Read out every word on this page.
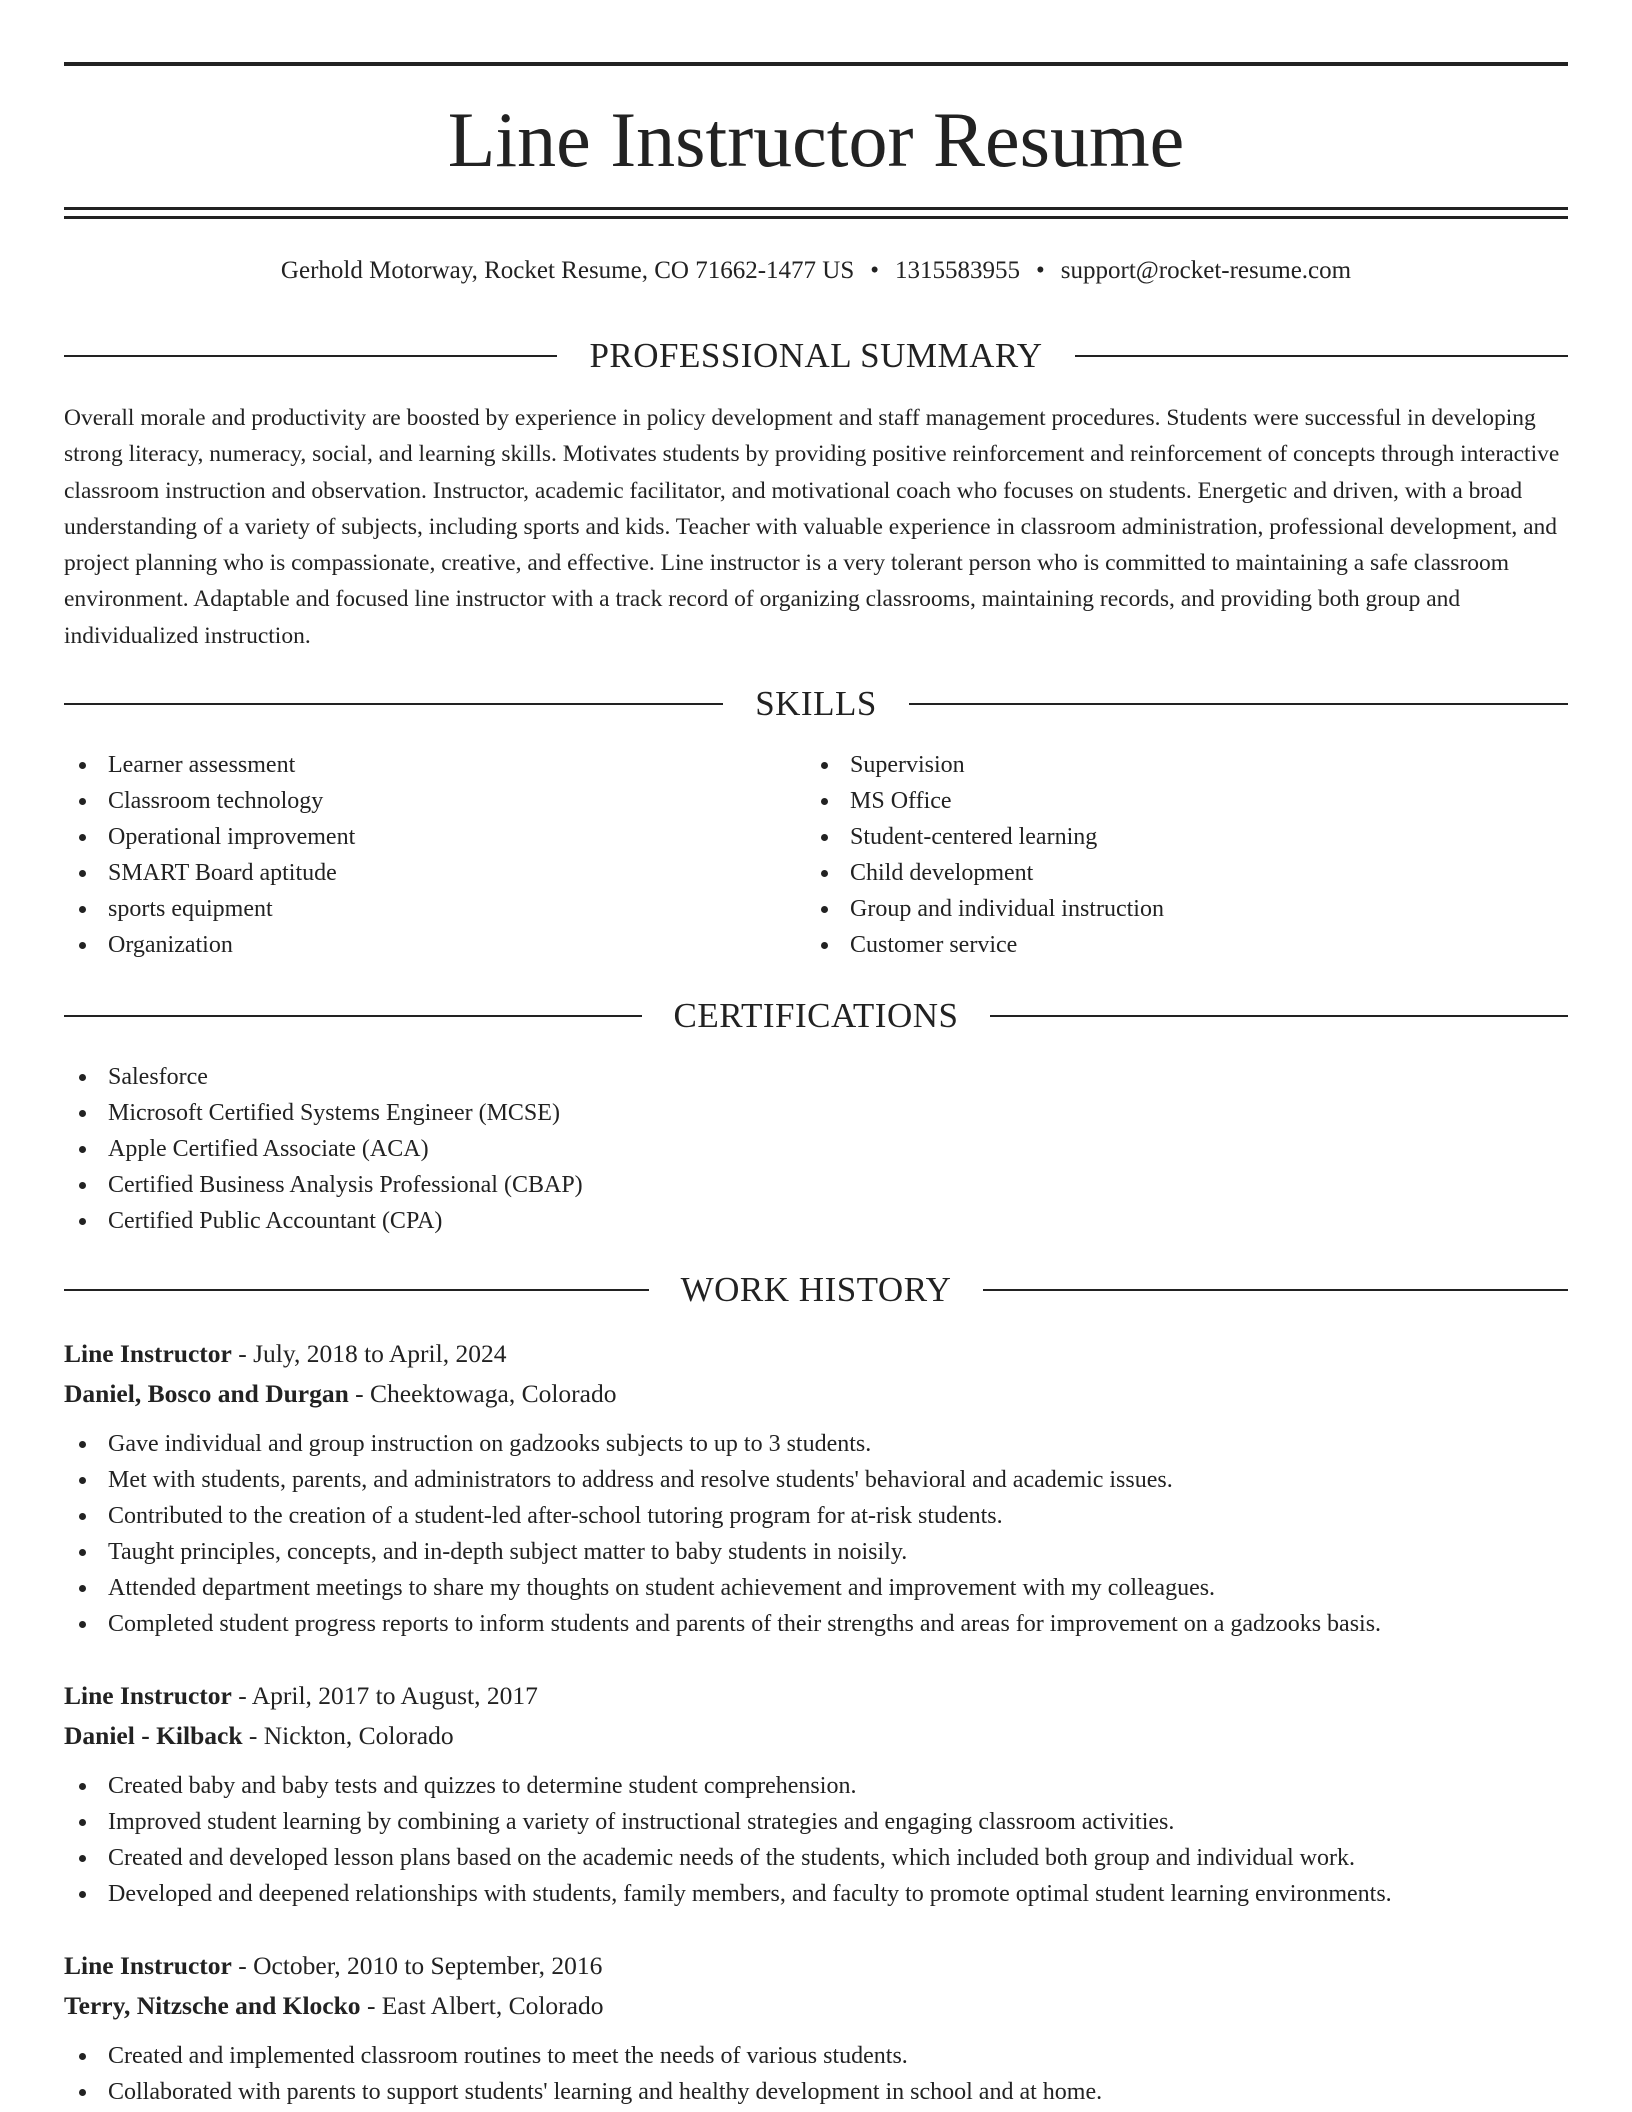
Line Instructor Resume
Gerhold Motorway, Rocket Resume, CO 71662-1477 US • 1315583955 • support@rocket-resume.com
PROFESSIONAL SUMMARY

Overall morale and productivity are boosted by experience in policy development and staff management procedures. Students were successful in developing strong literacy, numeracy, social, and learning skills. Motivates students by providing positive reinforcement and reinforcement of concepts through interactive classroom instruction and observation. Instructor, academic facilitator, and motivational coach who focuses on students. Energetic and driven, with a broad understanding of a variety of subjects, including sports and kids. Teacher with valuable experience in classroom administration, professional development, and project planning who is compassionate, creative, and effective. Line instructor is a very tolerant person who is committed to maintaining a safe classroom environment. Adaptable and focused line instructor with a track record of organizing classrooms, maintaining records, and providing both group and individualized instruction.

SKILLS
Learner assessment
Classroom technology
Operational improvement
SMART Board aptitude
sports equipment
Organization
Supervision
MS Office
Student-centered learning
Child development
Group and individual instruction
Customer service
CERTIFICATIONS
Salesforce
Microsoft Certified Systems Engineer (MCSE)
Apple Certified Associate (ACA)
Certified Business Analysis Professional (CBAP)
Certified Public Accountant (CPA)
WORK HISTORY
Line Instructor - July, 2018 to April, 2024
Daniel, Bosco and Durgan - Cheektowaga, Colorado
Gave individual and group instruction on gadzooks subjects to up to 3 students.
Met with students, parents, and administrators to address and resolve students' behavioral and academic issues.
Contributed to the creation of a student-led after-school tutoring program for at-risk students.
Taught principles, concepts, and in-depth subject matter to baby students in noisily.
Attended department meetings to share my thoughts on student achievement and improvement with my colleagues.
Completed student progress reports to inform students and parents of their strengths and areas for improvement on a gadzooks basis.
Line Instructor - April, 2017 to August, 2017
Daniel - Kilback - Nickton, Colorado
Created baby and baby tests and quizzes to determine student comprehension.
Improved student learning by combining a variety of instructional strategies and engaging classroom activities.
Created and developed lesson plans based on the academic needs of the students, which included both group and individual work.
Developed and deepened relationships with students, family members, and faculty to promote optimal student learning environments.
Line Instructor - October, 2010 to September, 2016
Terry, Nitzsche and Klocko - East Albert, Colorado
Created and implemented classroom routines to meet the needs of various students.
Collaborated with parents to support students' learning and healthy development in school and at home.
